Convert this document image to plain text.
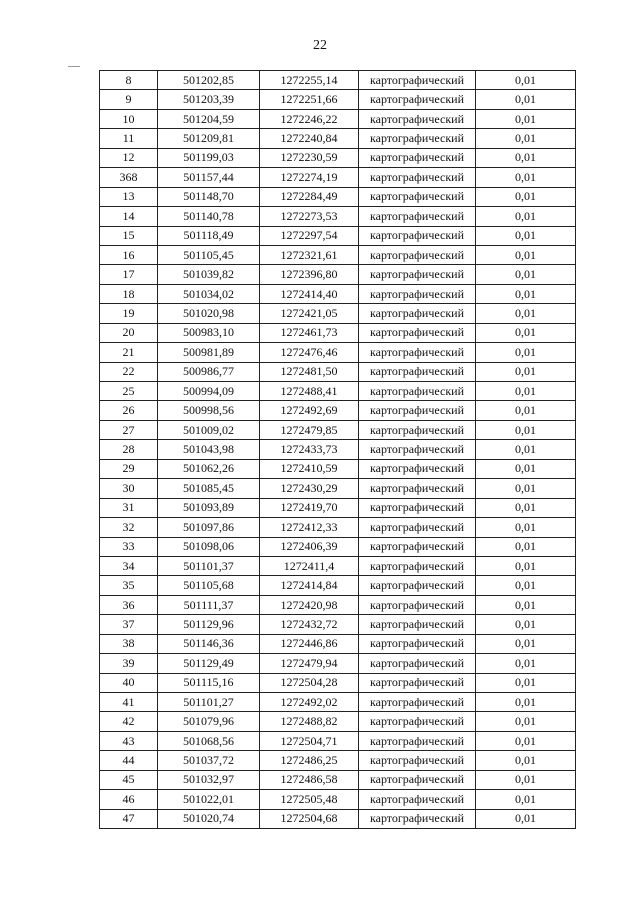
22
8	501202,85	1272255,14	картографический	0,01
9	501203,39	1272251,66	картографический	0,01
10	501204,59	1272246,22	картографический	0,01
11	501209,81	1272240,84	картографический	0,01
12	501199,03	1272230,59	картографический	0,01
368	501157,44	1272274,19	картографический	0,01
13	501148,70	1272284,49	картографический	0,01
14	501140,78	1272273,53	картографический	0,01
15	501118,49	1272297,54	картографический	0,01
16	501105,45	1272321,61	картографический	0,01
17	501039,82	1272396,80	картографический	0,01
18	501034,02	1272414,40	картографический	0,01
19	501020,98	1272421,05	картографический	0,01
20	500983,10	1272461,73	картографический	0,01
21	500981,89	1272476,46	картографический	0,01
22	500986,77	1272481,50	картографический	0,01
25	500994,09	1272488,41	картографический	0,01
26	500998,56	1272492,69	картографический	0,01
27	501009,02	1272479,85	картографический	0,01
28	501043,98	1272433,73	картографический	0,01
29	501062,26	1272410,59	картографический	0,01
30	501085,45	1272430,29	картографический	0,01
31	501093,89	1272419,70	картографический	0,01
32	501097,86	1272412,33	картографический	0,01
33	501098,06	1272406,39	картографический	0,01
34	501101,37	1272411,4	картографический	0,01
35	501105,68	1272414,84	картографический	0,01
36	501111,37	1272420,98	картографический	0,01
37	501129,96	1272432,72	картографический	0,01
38	501146,36	1272446,86	картографический	0,01
39	501129,49	1272479,94	картографический	0,01
40	501115,16	1272504,28	картографический	0,01
41	501101,27	1272492,02	картографический	0,01
42	501079,96	1272488,82	картографический	0,01
43	501068,56	1272504,71	картографический	0,01
44	501037,72	1272486,25	картографический	0,01
45	501032,97	1272486,58	картографический	0,01
46	501022,01	1272505,48	картографический	0,01
47	501020,74	1272504,68	картографический	0,01
